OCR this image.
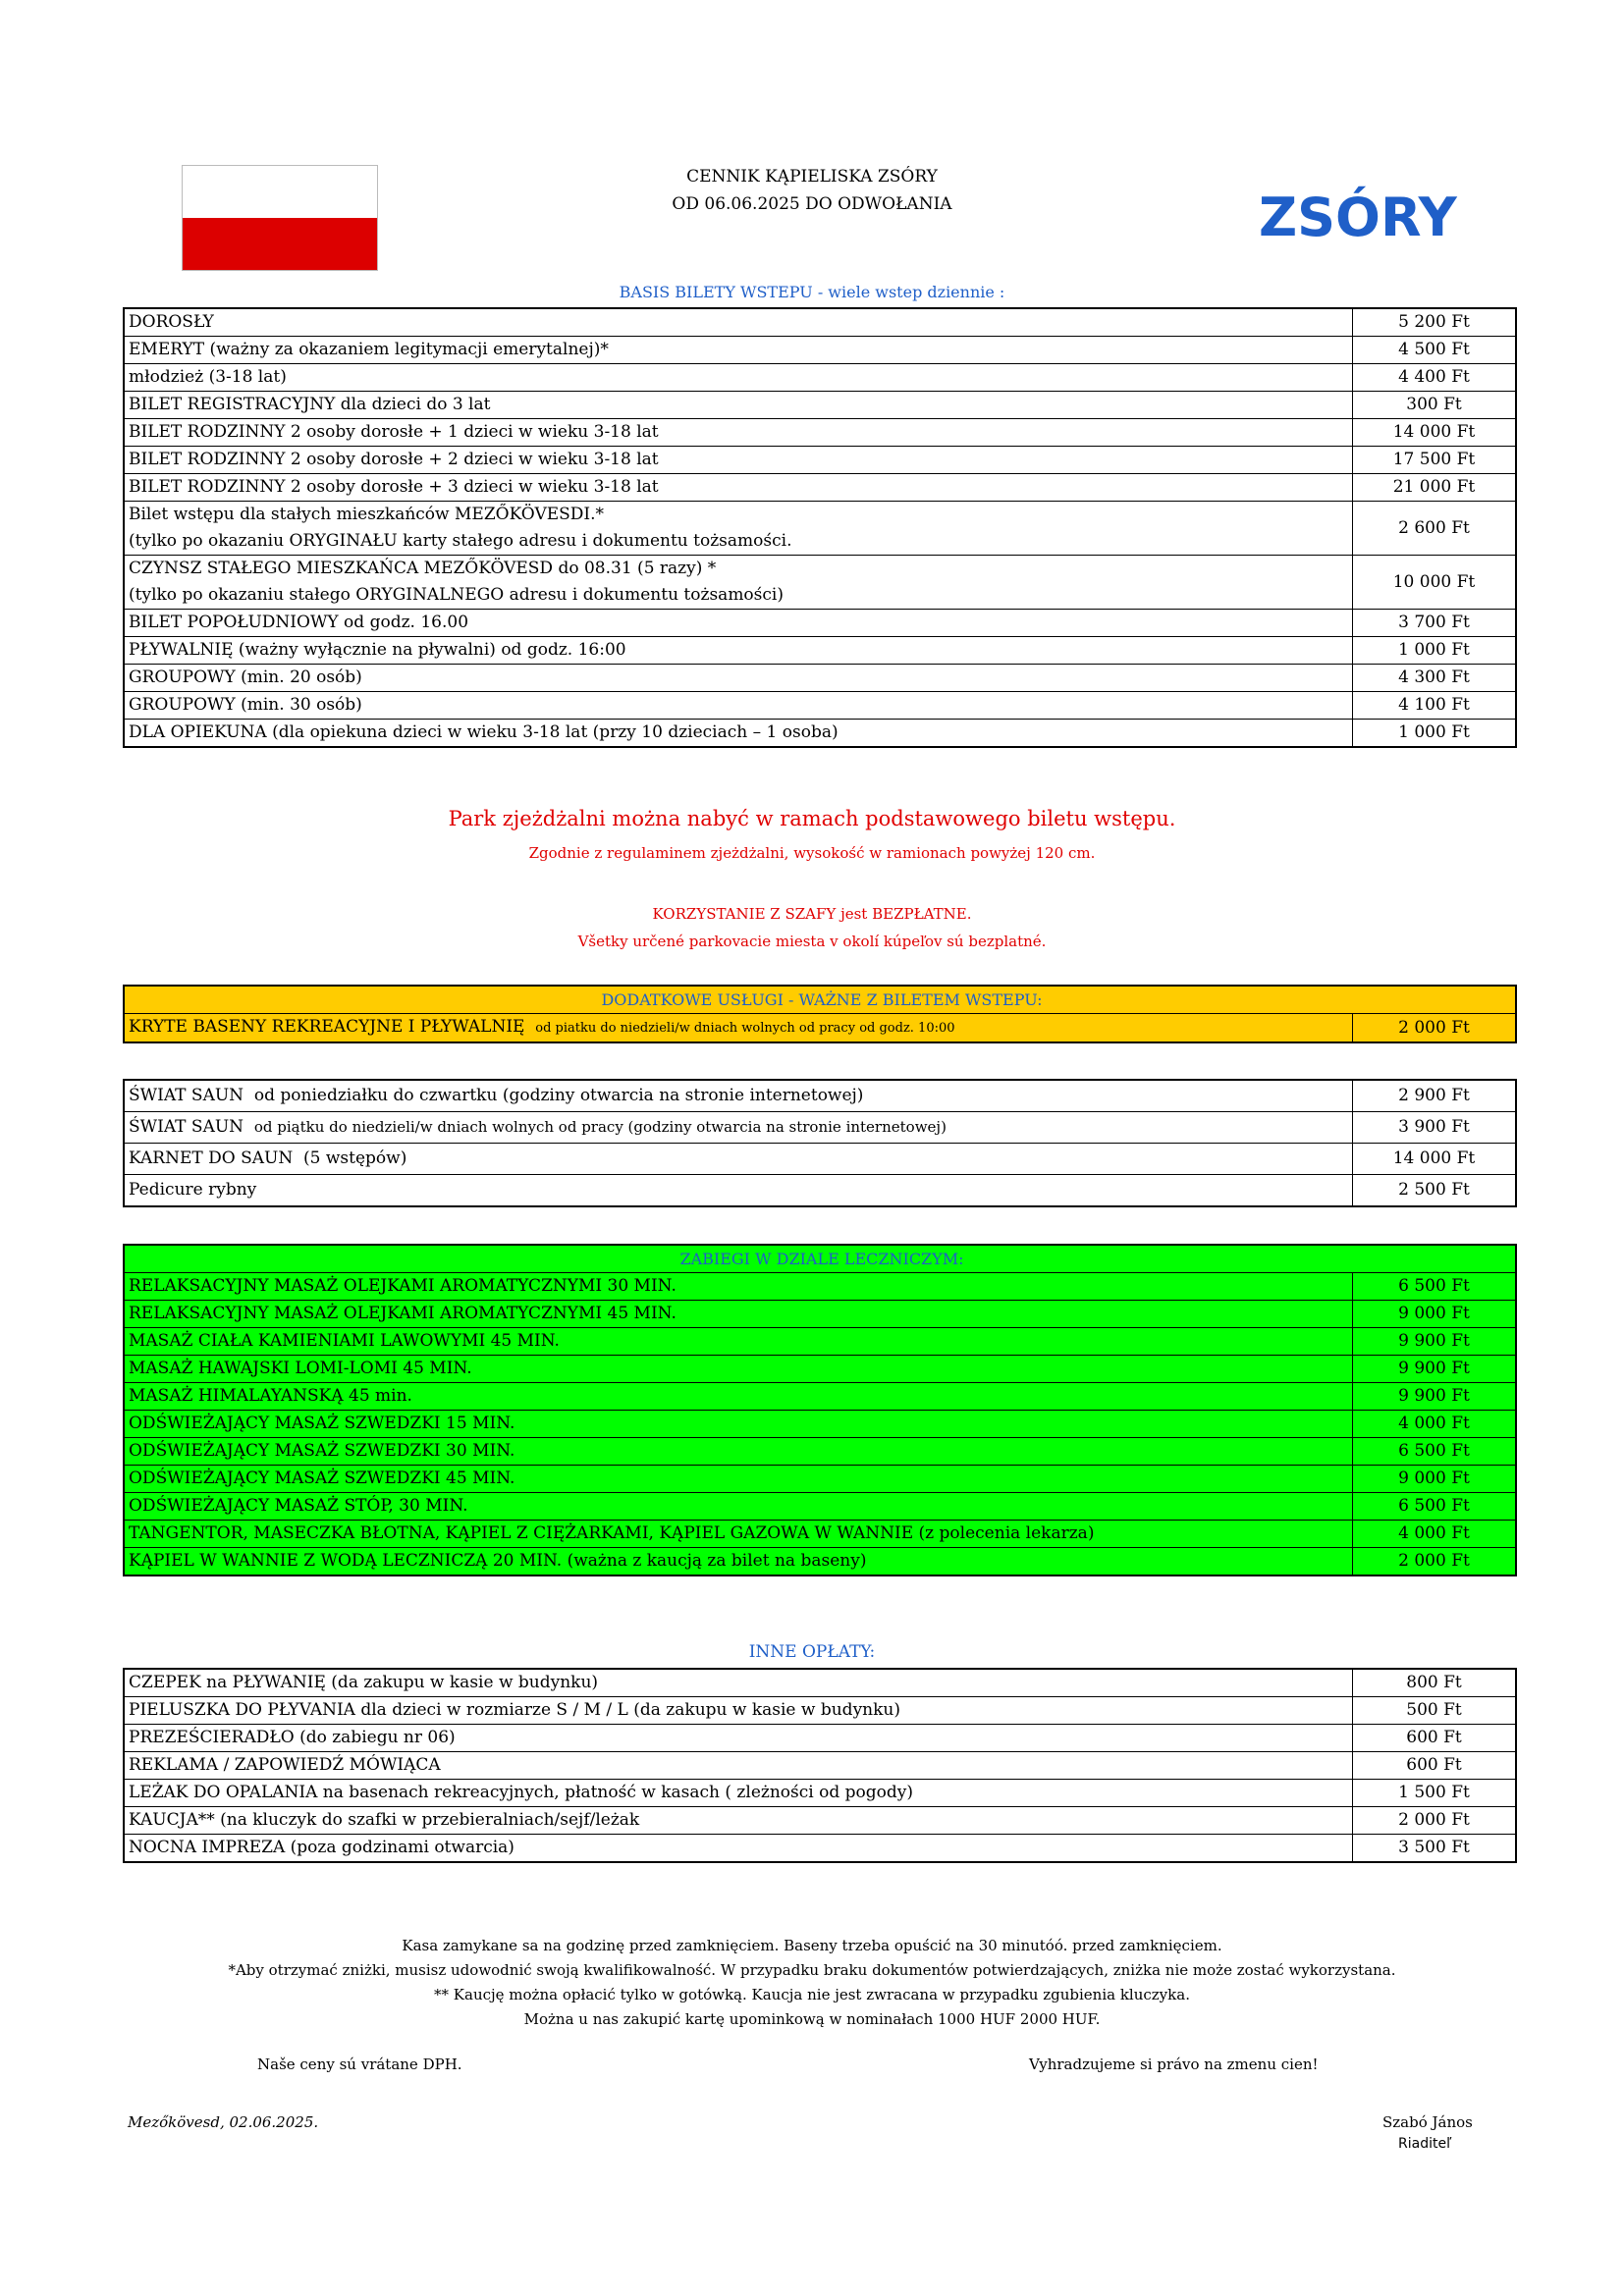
CENNIK KĄPIELISKA ZSÓRY
OD 06.06.2025 DO ODWOŁANIA	ZSÓRY
BASIS BILETY WSTEPU - wiele wstep dziennie :
DOROSŁY	5 200 Ft
EMERYT (ważny za okazaniem legitymacji emerytalnej)*	4 500 Ft
młodzież (3-18 lat)	4 400 Ft
BILET REGISTRACYJNY dla dzieci do 3 lat	300 Ft
BILET RODZINNY 2 osoby dorosłe + 1 dzieci w wieku 3-18 lat	14 000 Ft
BILET RODZINNY 2 osoby dorosłe + 2 dzieci w wieku 3-18 lat	17 500 Ft
BILET RODZINNY 2 osoby dorosłe + 3 dzieci w wieku 3-18 lat	21 000 Ft
Bilet wstępu dla stałych mieszkańców MEZŐKÖVESDI.*	2 600 Ft
(tylko po okazaniu ORYGINAŁU karty stałego adresu i dokumentu tożsamości.	
CZYNSZ STAŁEGO MIESZKAŃCA MEZŐKÖVESD do 08.31 (5 razy) *	10 000 Ft
(tylko po okazaniu stałego ORYGINALNEGO adresu i dokumentu tożsamości)	
BILET POPOŁUDNIOWY od godz. 16.00	3 700 Ft
PŁYWALNIĘ (ważny wyłącznie na pływalni) od godz. 16:00	1 000 Ft
GROUPOWY (min. 20 osób)	4 300 Ft
GROUPOWY (min. 30 osób)	4 100 Ft
DLA OPIEKUNA (dla opiekuna dzieci w wieku 3-18 lat (przy 10 dzieciach – 1 osoba)	1 000 Ft
Park zjeżdżalni można nabyć w ramach podstawowego biletu wstępu.
Zgodnie z regulaminem zjeżdżalni, wysokość w ramionach powyżej 120 cm.
KORZYSTANIE Z SZAFY jest BEZPŁATNE.
Všetky určené parkovacie miesta v okolí kúpeľov sú bezplatné.
DODATKOWE USŁUGI - WAŻNE Z BILETEM WSTEPU:
KRYTE BASENY REKREACYJNE I PŁYWALNIĘ od piatku do niedzieli/w dniach wolnych od pracy od godz. 10:00	2 000 Ft
ŚWIAT SAUN od poniedziałku do czwartku (godziny otwarcia na stronie internetowej)	2 900 Ft
ŚWIAT SAUN od piątku do niedzieli/w dniach wolnych od pracy (godziny otwarcia na stronie internetowej)	3 900 Ft
KARNET DO SAUN (5 wstępów)	14 000 Ft
Pedicure rybny	2 500 Ft
ZABIEGI W DZIALE LECZNICZYM:	
RELAKSACYJNY MASAŻ OLEJKAMI AROMATYCZNYMI 30 MIN.	6 500 Ft
RELAKSACYJNY MASAŻ OLEJKAMI AROMATYCZNYMI 45 MIN.	9 000 Ft
MASAŻ CIAŁA KAMIENIAMI LAWOWYMI 45 MIN.	9 900 Ft
MASAŻ HAWAJSKI LOMI-LOMI 45 MIN.	9 900 Ft
MASAŻ HIMALAYANSKĄ 45 min.	9 900 Ft
ODŚWIEŻAJĄCY MASAŻ SZWEDZKI 15 MIN.	4 000 Ft
ODŚWIEŻAJĄCY MASAŻ SZWEDZKI 30 MIN.	6 500 Ft
ODŚWIEŻAJĄCY MASAŻ SZWEDZKI 45 MIN.	9 000 Ft
ODŚWIEŻAJĄCY MASAŻ STÓP, 30 MIN.	6 500 Ft
TANGENTOR, MASECZKA BŁOTNA, KĄPIEL Z CIĘŻARKAMI, KĄPIEL GAZOWA W WANNIE (z polecenia lekarza)	4 000 Ft
KĄPIEL W WANNIE Z WODĄ LECZNICZĄ 20 MIN. (ważna z kaucją za bilet na baseny)	2 000 Ft
INNE OPŁATY:
CZEPEK na PŁYWANIĘ (da zakupu w kasie w budynku)	800 Ft
PIELUSZKA DO PŁYVANIA dla dzieci w rozmiarze S / M / L (da zakupu w kasie w budynku)	500 Ft
PREZEŚCIERADŁO (do zabiegu nr 06)	600 Ft
REKLAMA / ZAPOWIEDŹ MÓWIĄCA	600 Ft
LEŻAK DO OPALANIA na basenach rekreacyjnych, płatność w kasach ( zleżności od pogody)	1 500 Ft
KAUCJA** (na kluczyk do szafki w przebieralniach/sejf/leżak	2 000 Ft
NOCNA IMPREZA (poza godzinami otwarcia)	3 500 Ft
Kasa zamykane sa na godzinę przed zamknięciem. Baseny trzeba opuścić na 30 minutóó. przed zamknięciem.
*Aby otrzymać zniżki, musisz udowodnić swoją kwalifikowalność. W przypadku braku dokumentów potwierdzających, zniżka nie może zostać wykorzystana.
** Kaucję można opłacić tylko w gotówką. Kaucja nie jest zwracana w przypadku zgubienia kluczyka.
Można u nas zakupić kartę upominkową w nominałach 1000 HUF 2000 HUF.
Naše ceny sú vrátane DPH.	Vyhradzujeme si právo na zmenu cien!
Mezőkövesd, 02.06.2025.	Szabó János
Riaditeľ
